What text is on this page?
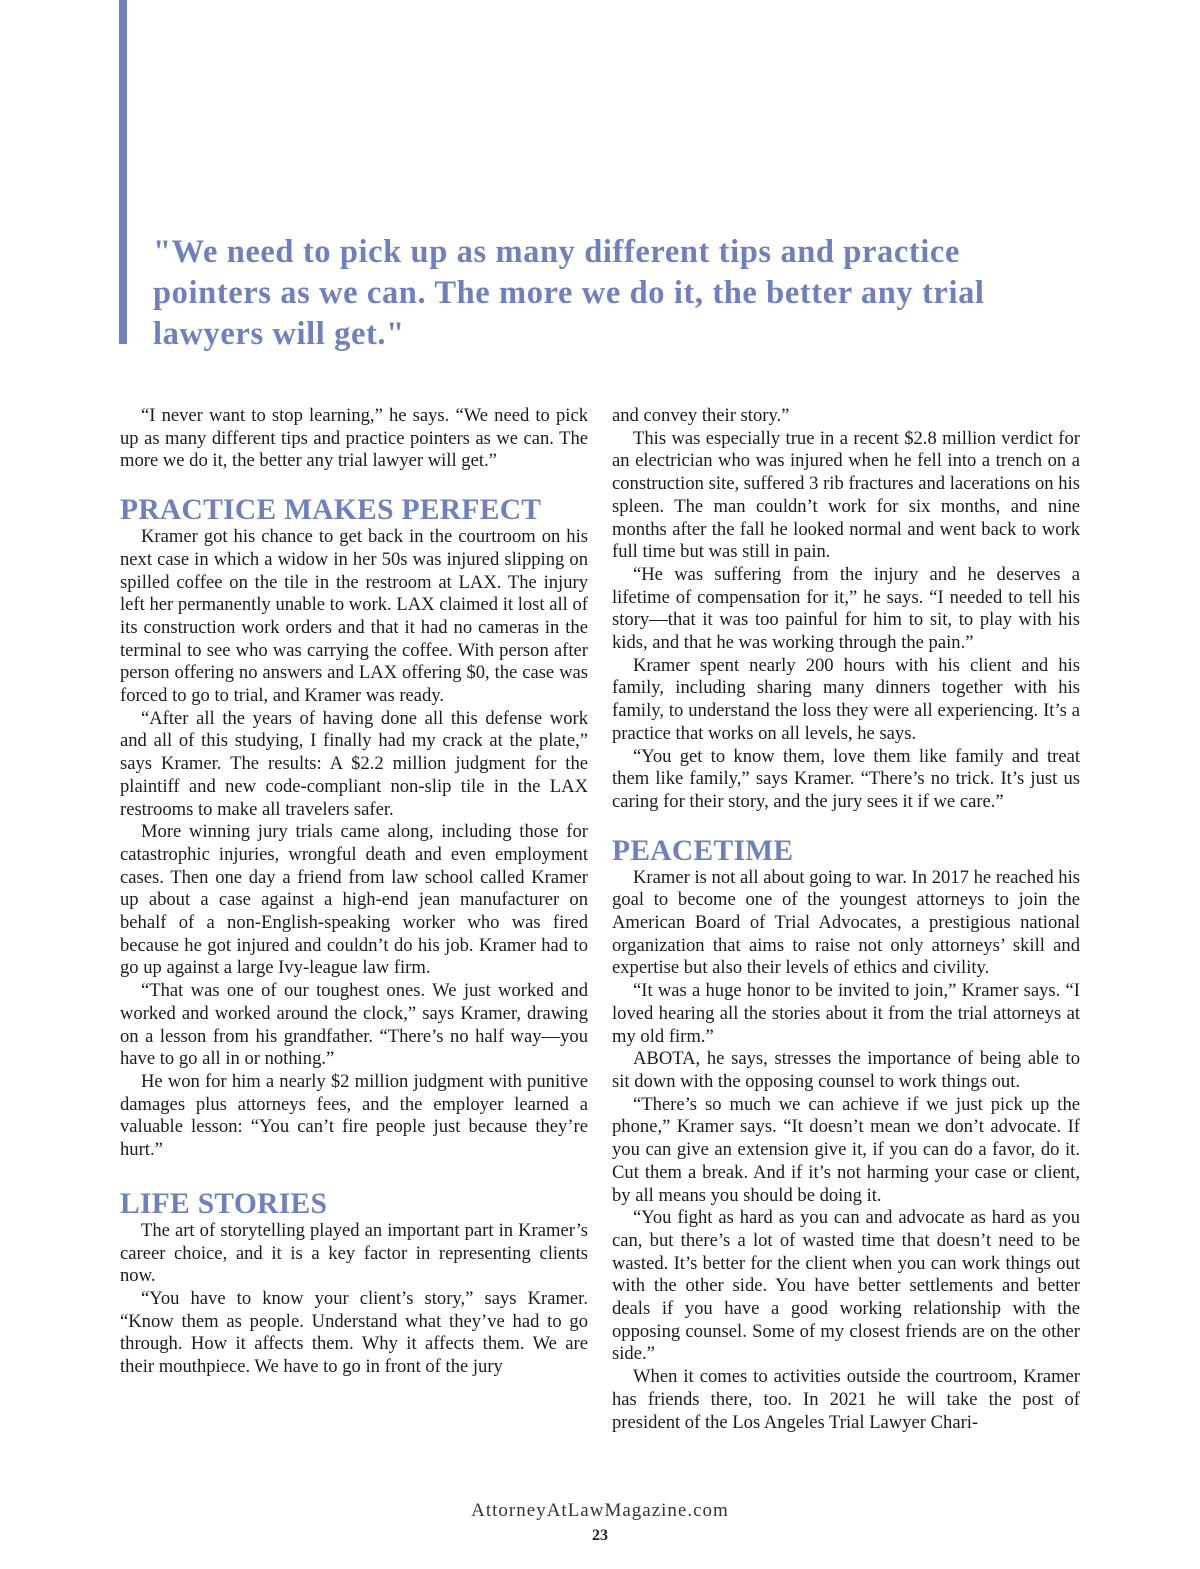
"We need to pick up as many different tips and practice pointers as we can. The more we do it, the better any trial lawyers will get."

“I never want to stop learning,” he says. “We need to pick up as many different tips and practice pointers as we can. The more we do it, the better any trial lawyer will get.”

PRACTICE MAKES PERFECT

Kramer got his chance to get back in the courtroom on his next case in which a widow in her 50s was injured slipping on spilled coffee on the tile in the restroom at LAX. The injury left her permanently unable to work. LAX claimed it lost all of its construction work orders and that it had no cameras in the terminal to see who was carrying the coffee. With person after person offering no answers and LAX offering $0, the case was forced to go to trial, and Kramer was ready.

“After all the years of having done all this defense work and all of this studying, I finally had my crack at the plate,” says Kramer. The results: A $2.2 million judgment for the plaintiff and new code-compliant non-slip tile in the LAX restrooms to make all travelers safer.

More winning jury trials came along, including those for catastrophic injuries, wrongful death and even employment cases. Then one day a friend from law school called Kramer up about a case against a high-end jean manufacturer on behalf of a non-English-speaking worker who was fired because he got injured and couldn’t do his job. Kramer had to go up against a large Ivy-league law firm.

“That was one of our toughest ones. We just worked and worked and worked around the clock,” says Kramer, drawing on a lesson from his grandfather. “There’s no half way—you have to go all in or nothing.”

He won for him a nearly $2 million judgment with punitive damages plus attorneys fees, and the employer learned a valuable lesson: “You can’t fire people just because they’re hurt.”

LIFE STORIES

The art of storytelling played an important part in Kramer’s career choice, and it is a key factor in representing clients now.

“You have to know your client’s story,” says Kramer. “Know them as people. Understand what they’ve had to go through. How it affects them. Why it affects them. We are their mouthpiece. We have to go in front of the jury

and convey their story.”

This was especially true in a recent $2.8 million verdict for an electrician who was injured when he fell into a trench on a construction site, suffered 3 rib fractures and lacerations on his spleen. The man couldn’t work for six months, and nine months after the fall he looked normal and went back to work full time but was still in pain.

“He was suffering from the injury and he deserves a lifetime of compensation for it,” he says. “I needed to tell his story—that it was too painful for him to sit, to play with his kids, and that he was working through the pain.”

Kramer spent nearly 200 hours with his client and his family, including sharing many dinners together with his family, to understand the loss they were all experiencing. It’s a practice that works on all levels, he says.

“You get to know them, love them like family and treat them like family,” says Kramer. “There’s no trick. It’s just us caring for their story, and the jury sees it if we care.”

PEACETIME

Kramer is not all about going to war. In 2017 he reached his goal to become one of the youngest attorneys to join the American Board of Trial Advocates, a prestigious national organization that aims to raise not only attorneys’ skill and expertise but also their levels of ethics and civility.

“It was a huge honor to be invited to join,” Kramer says. “I loved hearing all the stories about it from the trial attorneys at my old firm.”

ABOTA, he says, stresses the importance of being able to sit down with the opposing counsel to work things out.

“There’s so much we can achieve if we just pick up the phone,” Kramer says. “It doesn’t mean we don’t advocate. If you can give an extension give it, if you can do a favor, do it. Cut them a break. And if it’s not harming your case or client, by all means you should be doing it.

“You fight as hard as you can and advocate as hard as you can, but there’s a lot of wasted time that doesn’t need to be wasted. It’s better for the client when you can work things out with the other side. You have better settlements and better deals if you have a good working relationship with the opposing counsel. Some of my closest friends are on the other side.”

When it comes to activities outside the courtroom, Kramer has friends there, too. In 2021 he will take the post of president of the Los Angeles Trial Lawyer Chari-

AttorneyAtLawMagazine.com
23
